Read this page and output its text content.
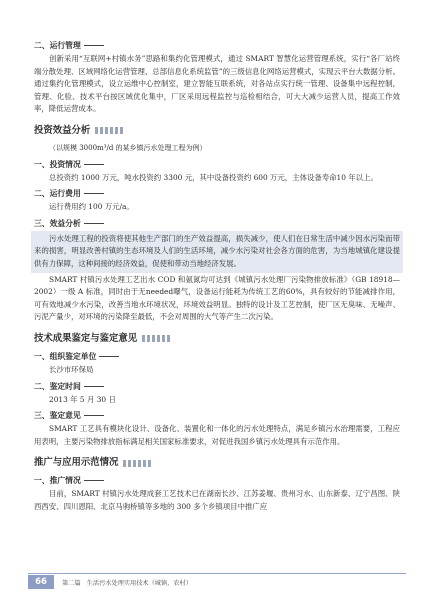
二、运行管理

创新采用“互联网+村镇水务”思路和集约化管理模式，通过 SMART 智慧化运营管理系统，实行“各厂站终端分散处理、区域网络化运营管理、总部信息化系统监管”的三级信息化网络运营模式，实现云平台大数据分析。通过集约化管理模式，设立运维中心控制室，建立智能互联系统，对各站点实行统一管理、设备集中远程控制，管理、化验、技术平台按区域优化集中，厂区采用远程监控与巡检相结合，可大大减少运营人员，提高工作效率，降低运营成本。

投资效益分析

（以规模 3000m³/d 的某乡镇污水处理工程为例）

一、投资情况

总投资约 1000 万元，吨水投资约 3300 元，其中设备投资约 600 万元，主体设备寿命10 年以上。

二、运行费用

运行费用约 100 万元/a。

三、效益分析

污水处理工程的投资将使其他生产部门的生产效益提高，损失减少，使人们在日常生活中减少因水污染而带来的损害，明显改善村镇的生态环境及人们的生活环境，减少水污染对社会各方面的危害，为当地城镇化建设提供有力保障，这种间接的经济效益，促使和带动当地经济发展。

SMART 村镇污水处理工艺出水 COD 和氨氮均可达到《城镇污水处理厂污染物排放标准》（GB 18918—2002）一级 A 标准，同时由于无needed曝气，设备运行能耗为传统工艺的60%，具有较好的节能减排作用，可有效地减少水污染，改善当地水环境状况，环境效益明显。独特的设计及工艺控制，使厂区无臭味、无噪声、污泥产量少，对环境的污染降至最低，不会对周围的大气等产生二次污染。

技术成果鉴定与鉴定意见
一、组织鉴定单位

长沙市环保局

二、鉴定时间

2013 年 5 月 30 日

三、鉴定意见

SMART 工艺具有模块化设计、设备化、装置化和一体化的污水处理特点，满足乡镇污水治理需要，工程应用表明，主要污染物排放指标满足相关国家标准要求，对促进我国乡镇污水处理具有示范作用。

推广与应用示范情况
一、推广情况

目前，SMART 村镇污水处理成套工艺技术已在湖南长沙、江苏姜堰、贵州习水、山东新泰、辽宁昌图、陕西西安、四川恩阳、北京马驹桥镇等多地的 300 多个乡镇项目中推广应

66	第二篇　生活污水处理实用技术（城镇、农村）
